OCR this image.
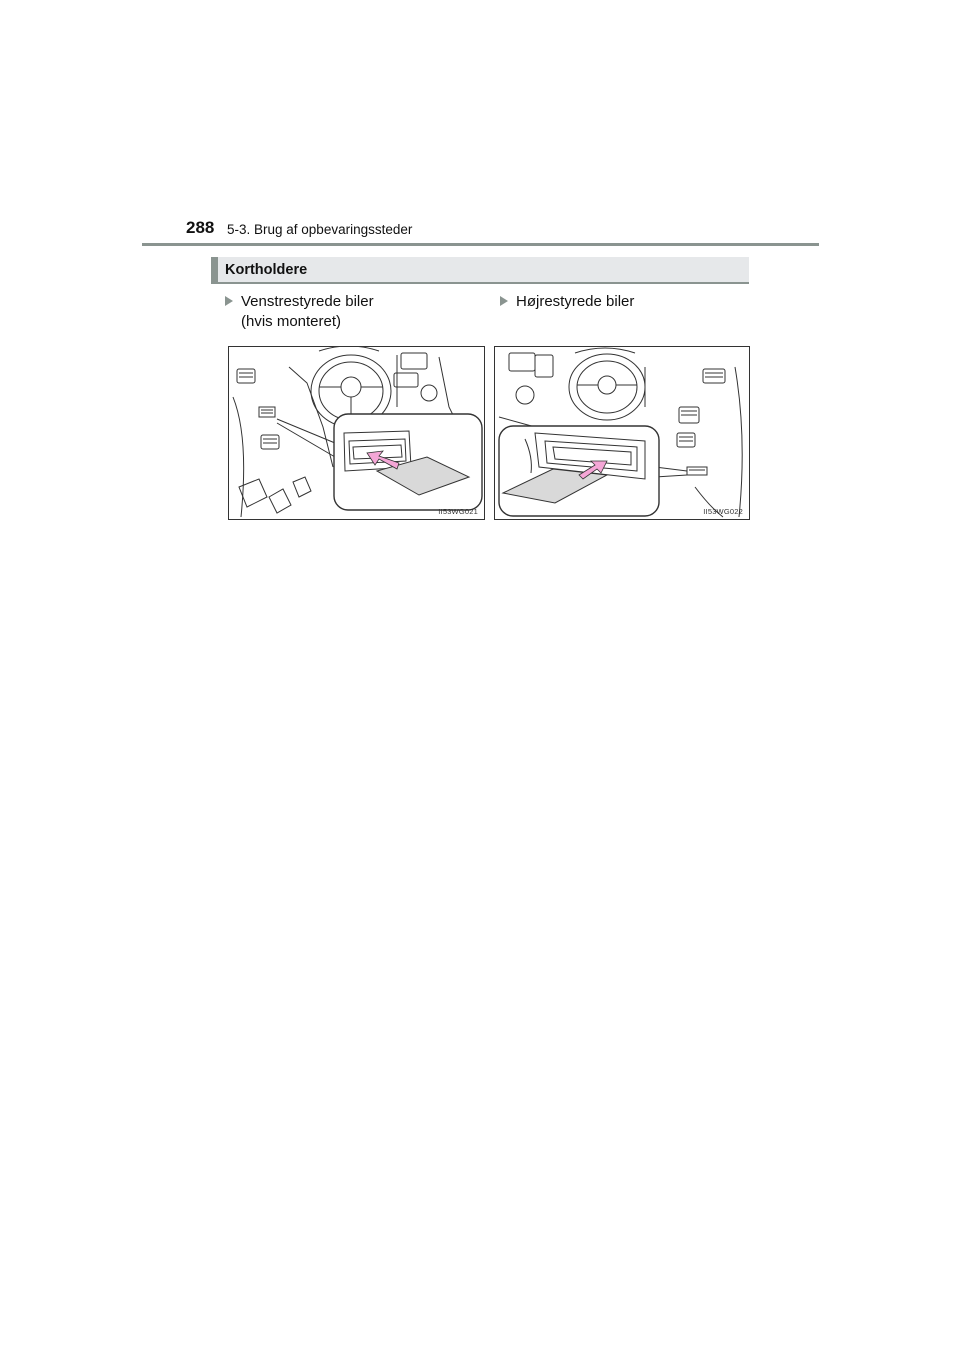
288 5-3. Brug af opbevaringssteder
Kortholdere
Venstrestyrede biler
(hvis monteret)
Højrestyrede biler
II53WG021	II53WG022
